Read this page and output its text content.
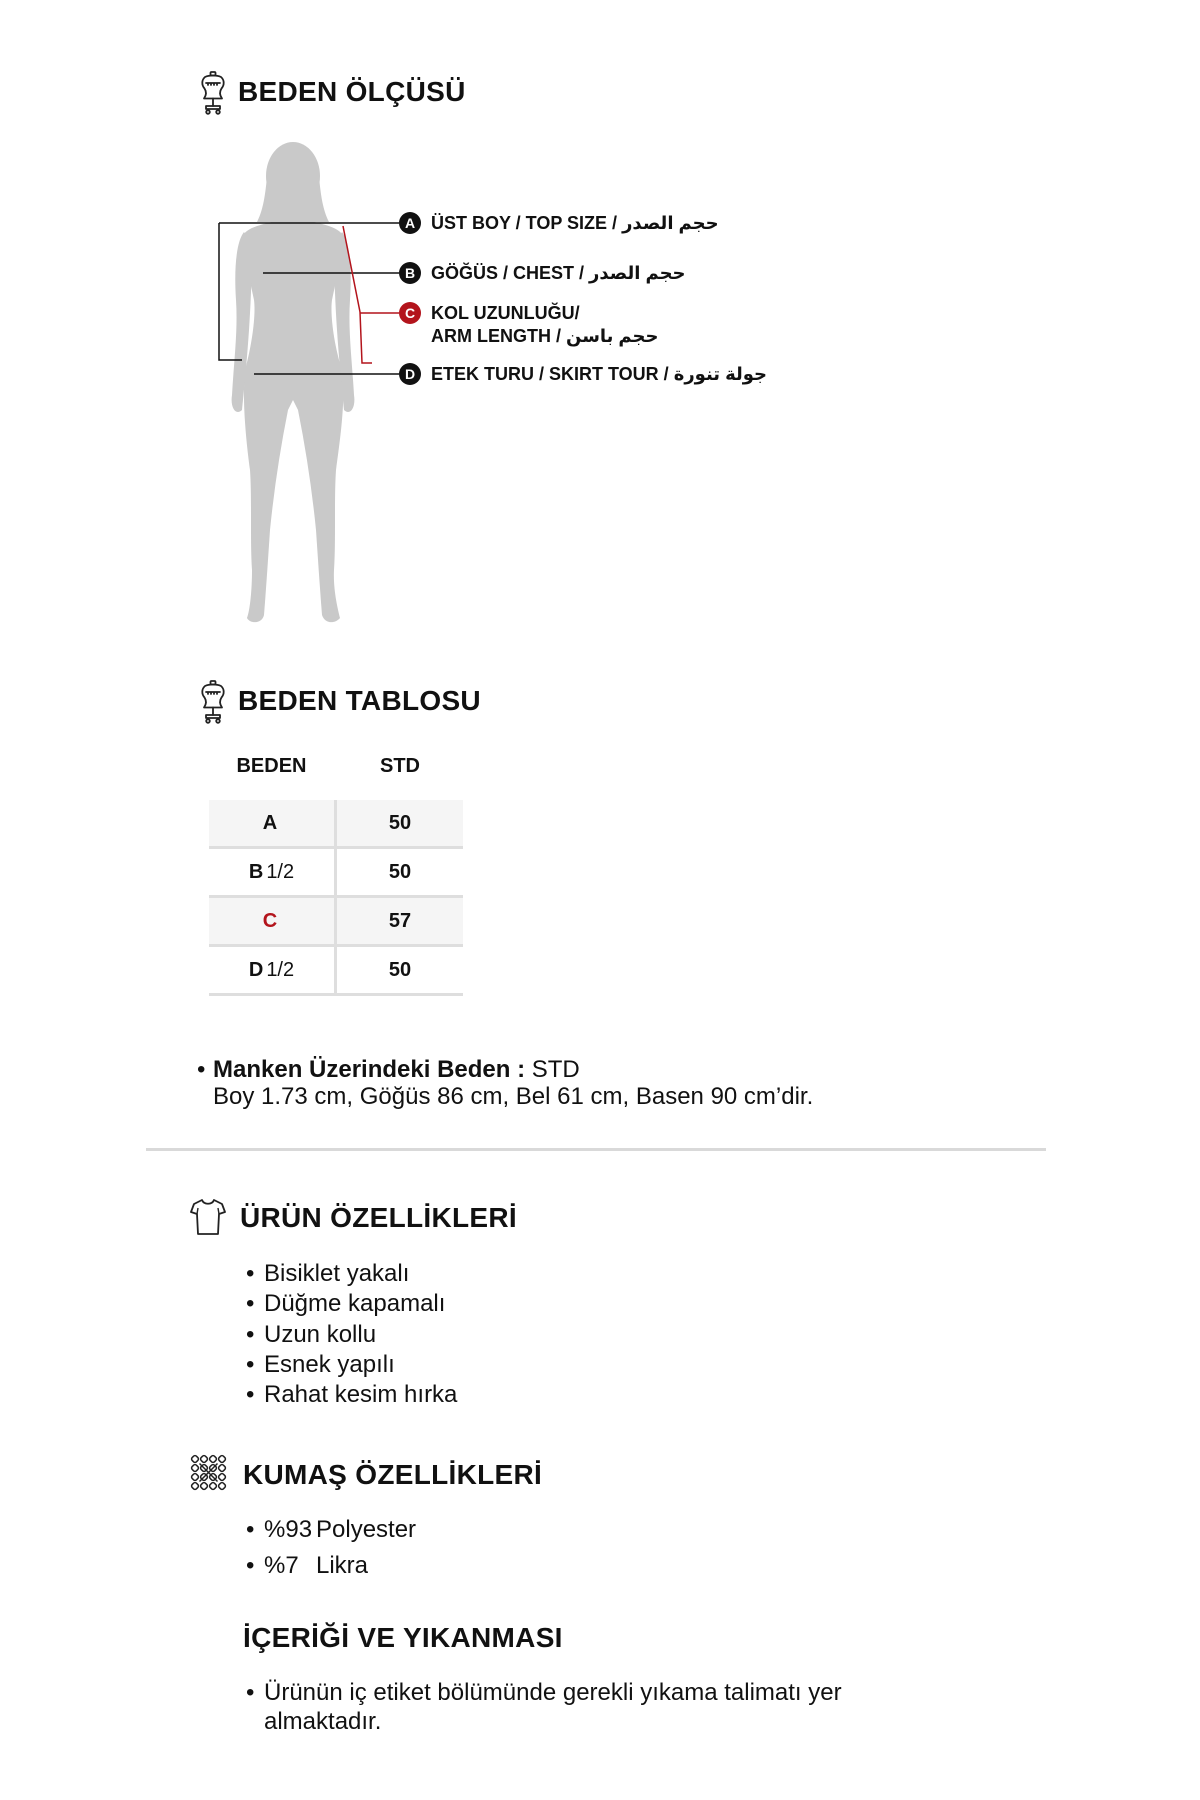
BEDEN ÖLÇÜSÜ
A ÜST BOY / TOP SIZE / حجم الصدر
B GÖĞÜS / CHEST / حجم الصدر
C KOL UZUNLUĞU/
ARM LENGTH / حجم باسن
D ETEK TURU / SKIRT TOUR / جولة تنورة
BEDEN TABLOSU
BEDEN	STD
A	50
B 1/2	50
C	57
D 1/2	50
• Manken Üzerindeki Beden : STD
Boy 1.73 cm, Göğüs 86 cm, Bel 61 cm, Basen 90 cm’dir.
ÜRÜN ÖZELLİKLERİ
• Bisiklet yakalı
• Düğme kapamalı
• Uzun kollu
• Esnek yapılı
• Rahat kesim hırka
KUMAŞ ÖZELLİKLERİ
• %93 Polyester
• %7 Likra
İÇERİĞİ VE YIKANMASI
• Ürünün iç etiket bölümünde gerekli yıkama talimatı yer almaktadır.
